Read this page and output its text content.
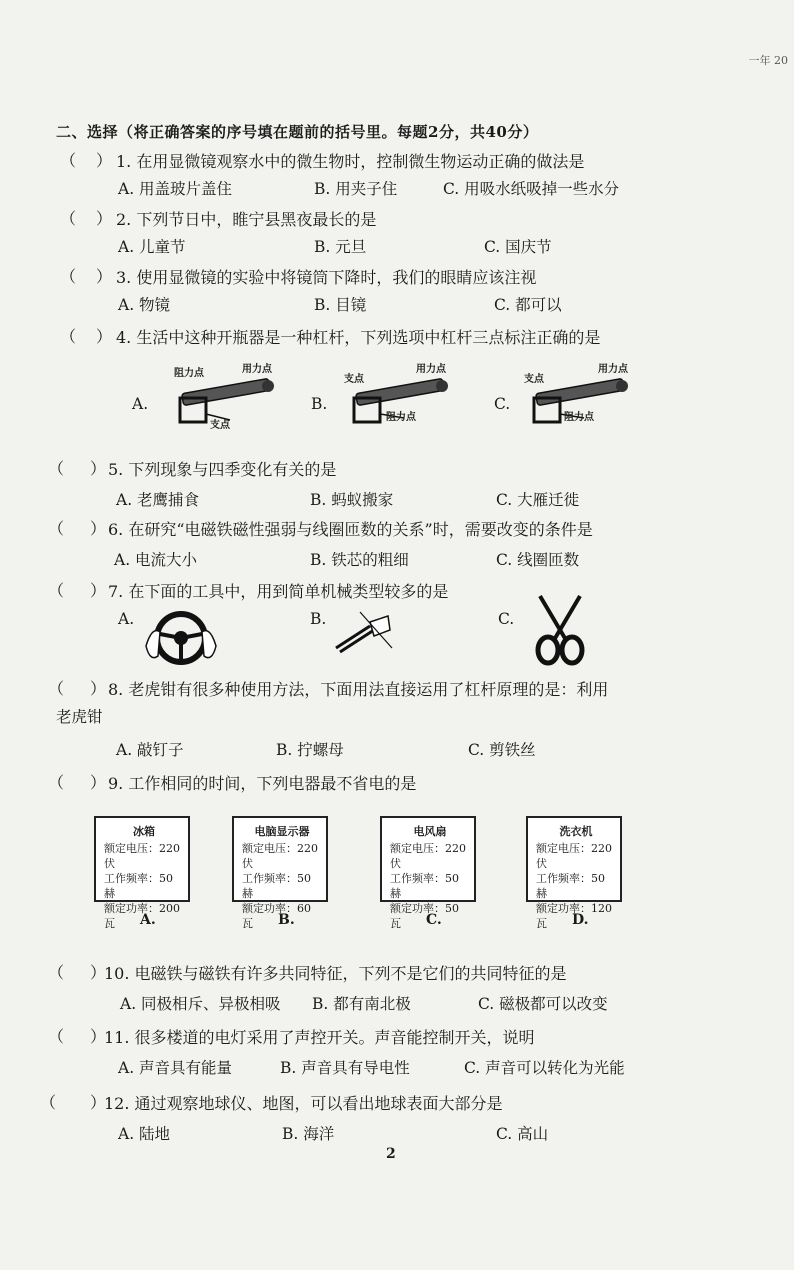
一年 20
二、选择（将正确答案的序号填在题前的括号里。每题2分，共40分）
（ ） 1. 在用显微镜观察水中的微生物时，控制微生物运动正确的做法是
A. 用盖玻片盖住	B. 用夹子住	C. 用吸水纸吸掉一些水分
（ ） 2. 下列节日中，睢宁县黑夜最长的是
A. 儿童节	B. 元旦	C. 国庆节
（ ） 3. 使用显微镜的实验中将镜筒下降时，我们的眼睛应该注视
A. 物镜	B. 目镜	C. 都可以
（ ） 4. 生活中这种开瓶器是一种杠杆，下列选项中杠杆三点标注正确的是
A.	B.	C.
阻力点	用力点
支点
支点
用力点
阻力点
支点
用力点
阻力点
（ ） 5. 下列现象与四季变化有关的是
A. 老鹰捕食	B. 蚂蚁搬家	C. 大雁迁徙
（ ） 6. 在研究“电磁铁磁性强弱与线圈匝数的关系”时，需要改变的条件是
A. 电流大小	B. 铁芯的粗细	C. 线圈匝数
（ ） 7. 在下面的工具中，用到简单机械类型较多的是
A.	B.	C.
（ ） 8. 老虎钳有很多种使用方法，下面用法直接运用了杠杆原理的是：利用
老虎钳
A. 敲钉子	B. 拧螺母	C. 剪铁丝
（ ） 9. 工作相同的时间，下列电器最不省电的是
冰箱
额定电压：220 伏
工作频率：50 赫
额定功率：200 瓦	A.
电脑显示器
额定电压：220 伏
工作频率：50 赫
额定功率：60 瓦	B.
电风扇
额定电压：220 伏
工作频率：50 赫
额定功率：50 瓦	C.
洗衣机
额定电压：220 伏
工作频率：50 赫
额定功率：120 瓦	D.
（ ）
10. 电磁铁与磁铁有许多共同特征，下列不是它们的共同特征的是
A. 同极相斥、异极相吸 B. 都有南北极	C. 磁极都可以改变
（ ）
11. 很多楼道的电灯采用了声控开关。声音能控制开关，说明
A. 声音具有能量	B. 声音具有导电性	C. 声音可以转化为光能
（ ）
12. 通过观察地球仪、地图，可以看出地球表面大部分是
A. 陆地	B. 海洋	C. 高山
2
